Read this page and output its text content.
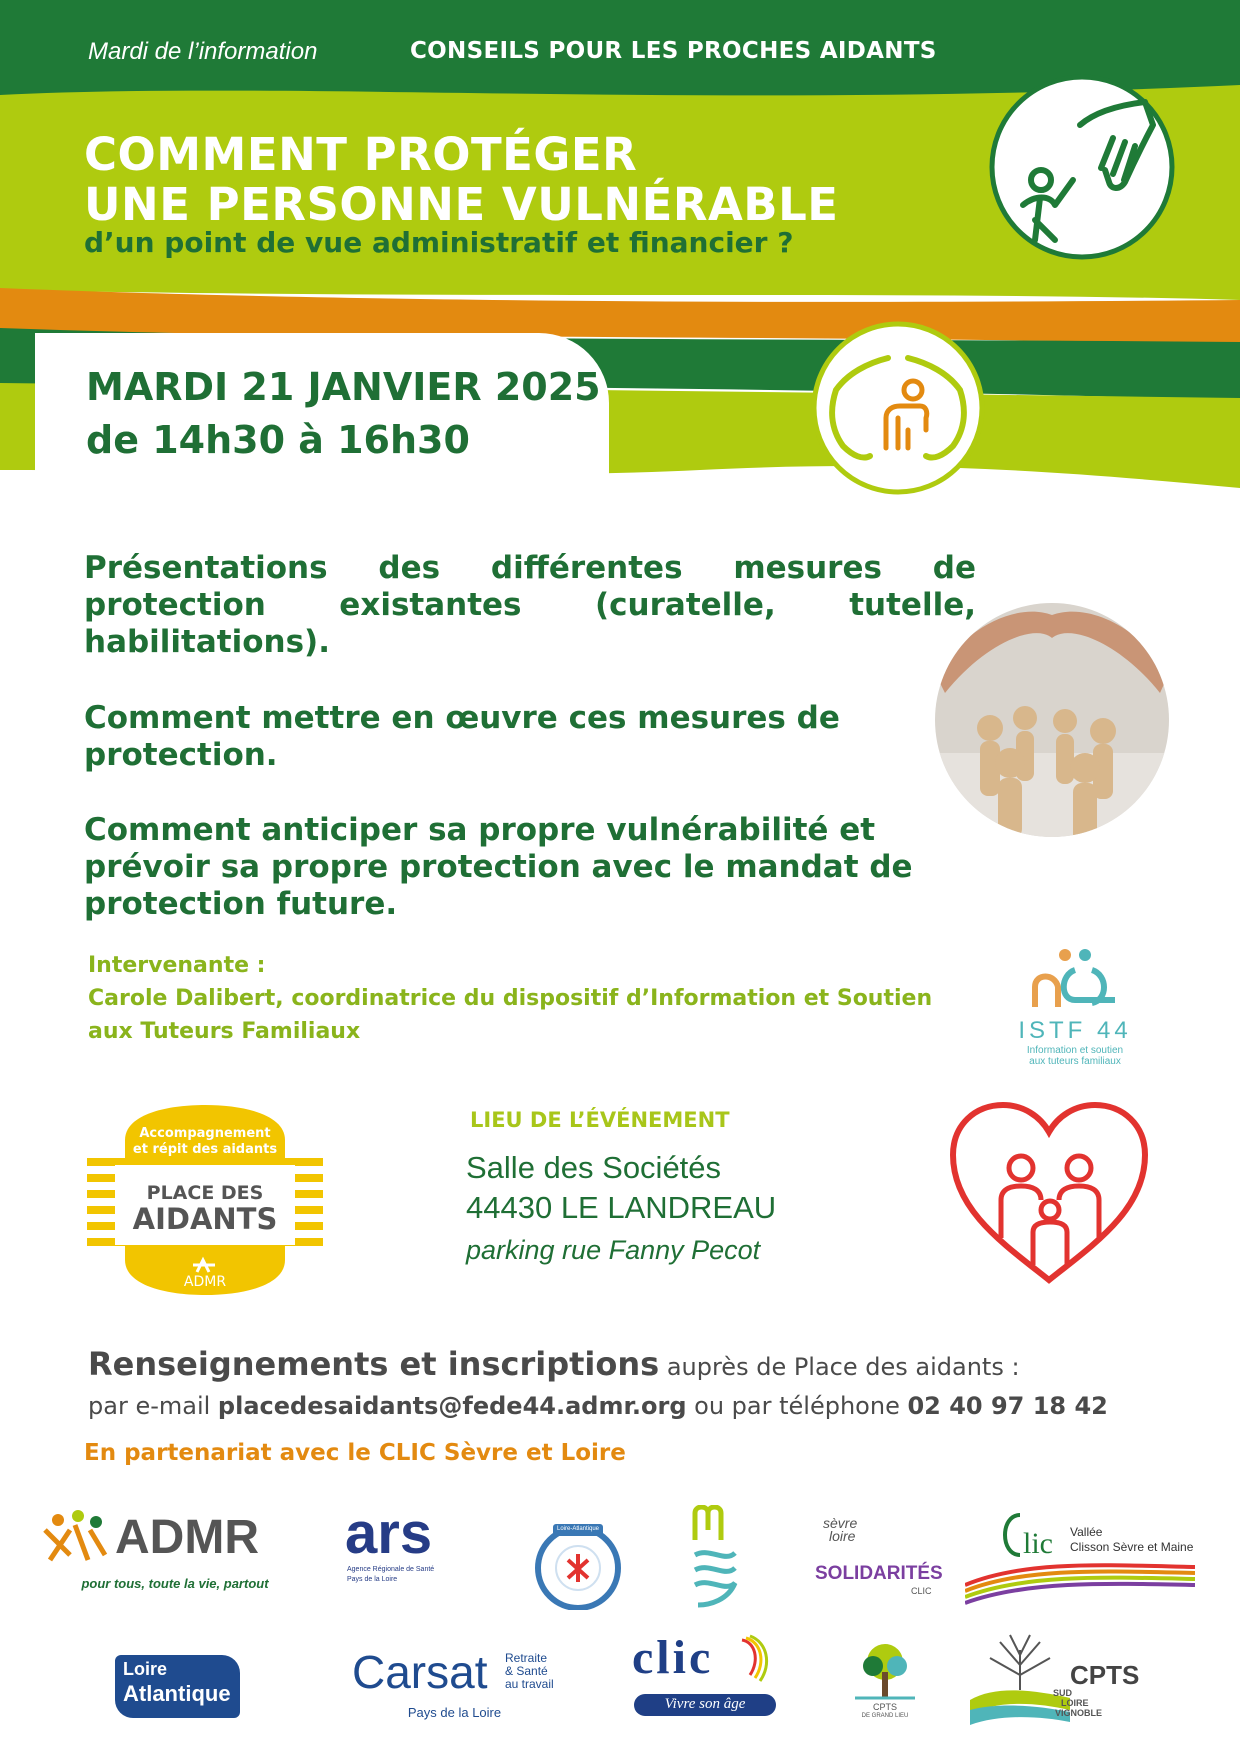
Mardi de l’information	CONSEILS POUR LES PROCHES AIDANTS
COMMENT PROTÉGER
UNE PERSONNE VULNÉRABLE
d’un point de vue administratif et financier ?
MARDI 21 JANVIER 2025
de 14h30 à 16h30
Présentations des différentes mesures de protection existantes (curatelle, tutelle, habilitations).
Comment mettre en œuvre ces mesures de protection.
Comment anticiper sa propre vulnérabilité et prévoir sa propre protection avec le mandat de protection future.
Intervenante :
Carole Dalibert, coordinatrice du dispositif d’Information et Soutien
aux Tuteurs Familiaux	ISTF 44
Information et soutien
aux tuteurs familiaux
Accompagnement
et répit des aidants
PLACE DES
AIDANTS
ADMR
LIEU DE L’ÉVÉNEMENT
Salle des Sociétés
44430 LE LANDREAU
parking rue Fanny Pecot
Renseignements et inscriptions auprès de Place des aidants :
par e-mail placedesaidants@fede44.admr.org ou par téléphone 02 40 97 18 42
En partenariat avec le CLIC Sèvre et Loire
ADMR
pour tous, toute la vie, partout
ars
Agence Régionale de Santé
Pays de la Loire
Loire-Atlantique	sèvre
loire
SOLIDARITÉS
CLIC
lic Vallée
Clisson Sèvre et Maine
Loire
Atlantique	Carsat Retraite
& Santé
au travail
Pays de la Loire
clic
Vivre son âge	CPTS
DE GRAND LIEU
CPTS
SUD
LOIRE
VIGNOBLE
